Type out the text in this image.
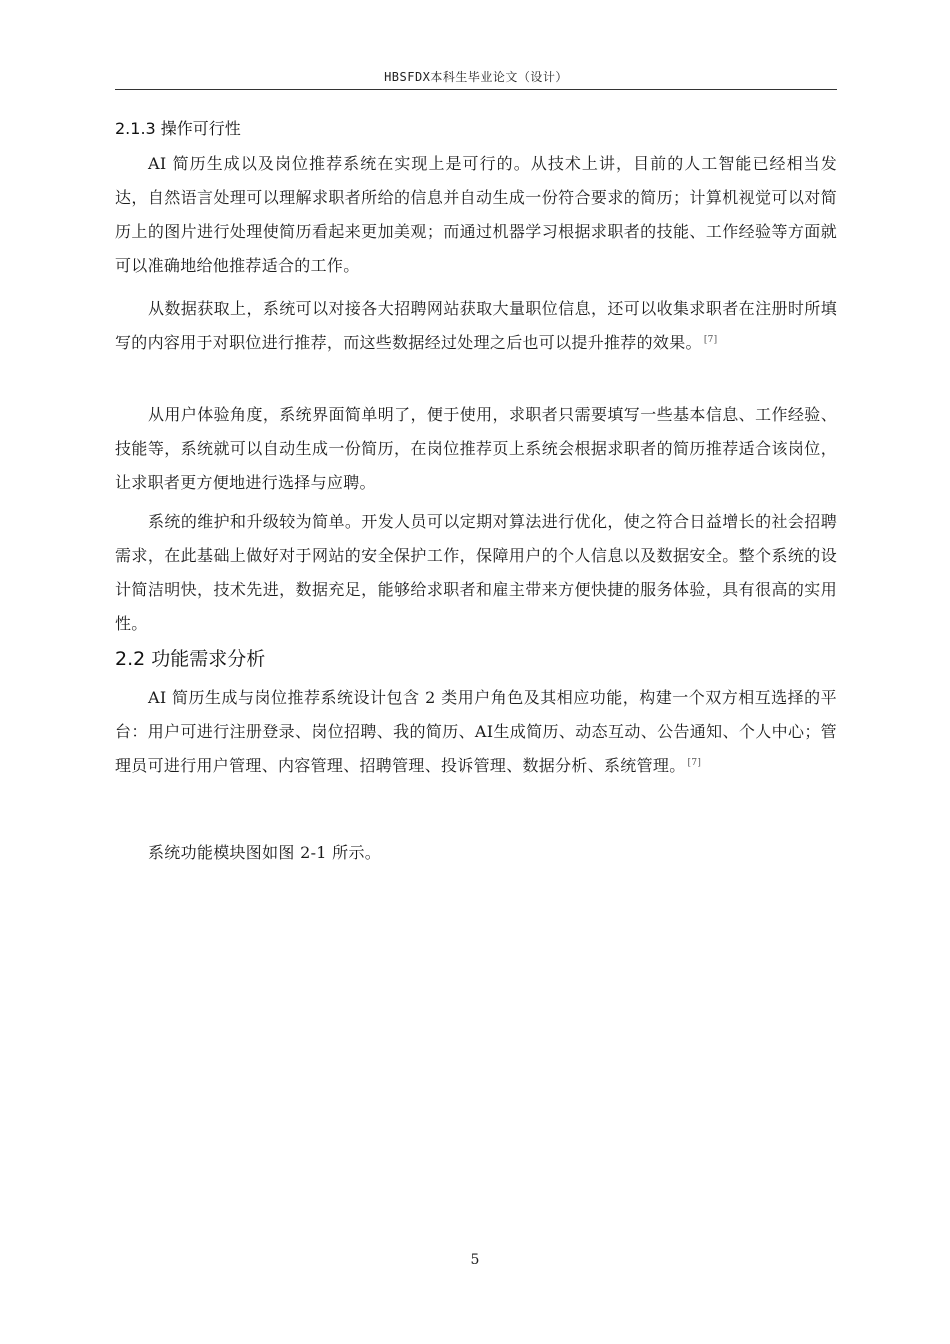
HBSFDX本科生毕业论文（设计）
2.1.3 操作可行性

AI 简历生成以及岗位推荐系统在实现上是可行的。从技术上讲，目前的人工智能已经相当发达，自然语言处理可以理解求职者所给的信息并自动生成一份符合要求的简历；计算机视觉可以对简历上的图片进行处理使简历看起来更加美观；而通过机器学习根据求职者的技能、工作经验等方面就可以准确地给他推荐适合的工作。

从数据获取上，系统可以对接各大招聘网站获取大量职位信息，还可以收集求职者在注册时所填写的内容用于对职位进行推荐，而这些数据经过处理之后也可以提升推荐的效果。 [7]

从用户体验角度，系统界面简单明了，便于使用，求职者只需要填写一些基本信息、工作经验、技能等，系统就可以自动生成一份简历，在岗位推荐页上系统会根据求职者的简历推荐适合该岗位，让求职者更方便地进行选择与应聘。

系统的维护和升级较为简单。开发人员可以定期对算法进行优化，使之符合日益增长的社会招聘需求，在此基础上做好对于网站的安全保护工作，保障用户的个人信息以及数据安全。整个系统的设计简洁明快，技术先进，数据充足，能够给求职者和雇主带来方便快捷的服务体验，具有很高的实用性。

2.2 功能需求分析

AI 简历生成与岗位推荐系统设计包含 2 类用户角色及其相应功能，构建一个双方相互选择的平台：用户可进行注册登录、岗位招聘、我的简历、AI生成简历、动态互动、公告通知、个人中心；管理员可进行用户管理、内容管理、招聘管理、投诉管理、数据分析、系统管理。 [7]

系统功能模块图如图 2-1 所示。

5
